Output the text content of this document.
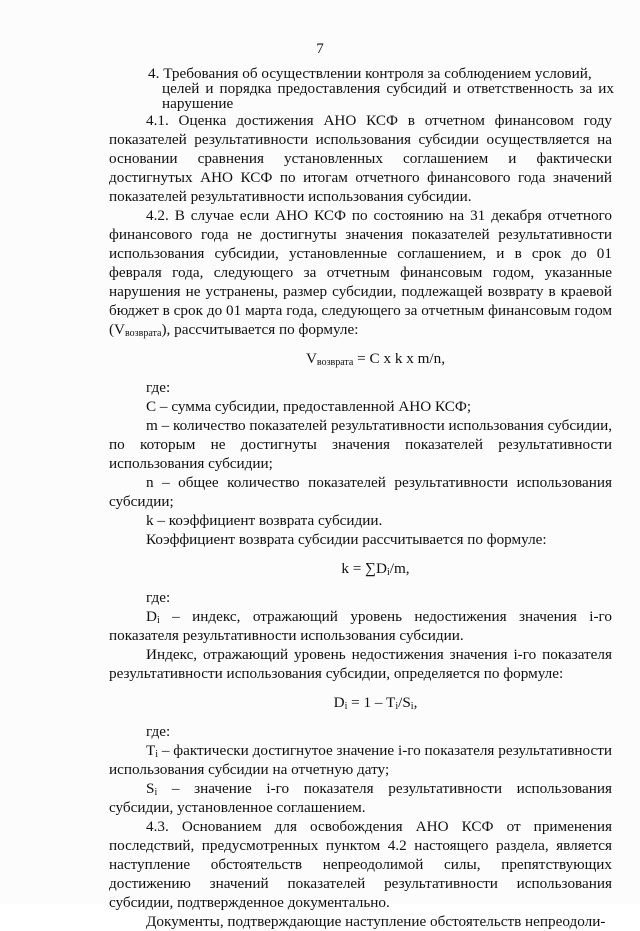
7
4. Требования об осуществлении контроля за соблюдением условий,
целей и порядка предоставления субсидий и ответственность за их нарушение

4.1. Оценка достижения АНО КСФ в отчетном финансовом году показателей результативности использования субсидии осуществляется на основании сравнения установленных соглашением и фактически достигнутых АНО КСФ по итогам отчетного финансового года значений показателей результативности использования субсидии.

4.2. В случае если АНО КСФ по состоянию на 31 декабря отчетного финансового года не достигнуты значения показателей результативности использования субсидии, установленные соглашением, и в срок до 01 февраля года, следующего за отчетным финансовым годом, указанные нарушения не устранены, размер субсидии, подлежащей возврату в краевой бюджет в срок до 01 марта года, следующего за отчетным финансовым годом $(V_{возврата})$, рассчитывается по формуле:

$V_{возврата} = C$ x k x m/n,

где:

C – сумма субсидии, предоставленной АНО КСФ;

m – количество показателей результативности использования субсидии, по которым не достигнуты значения показателей результативности использования субсидии;

n – общее количество показателей результативности использования субсидии;

k – коэффициент возврата субсидии.

Коэффициент возврата субсидии рассчитывается по формуле:

$k = \sum D_i/m$,

где:

$D_i$ – индекс, отражающий уровень недостижения значения i-го показателя результативности использования субсидии.

Индекс, отражающий уровень недостижения значения i-го показателя результативности использования субсидии, определяется по формуле:

$D_i = 1 - T_i/S_i$,

где:

$T_i$ – фактически достигнутое значение i-го показателя результативности использования субсидии на отчетную дату;

$S_i$ – значение i-го показателя результативности использования субсидии, установленное соглашением.

4.3. Основанием для освобождения АНО КСФ от применения последствий, предусмотренных пунктом 4.2 настоящего раздела, является наступление обстоятельств непреодолимой силы, препятствующих достижению значений показателей результативности использования субсидии, подтвержденное документально.

Документы, подтверждающие наступление обстоятельств непреодоли-
